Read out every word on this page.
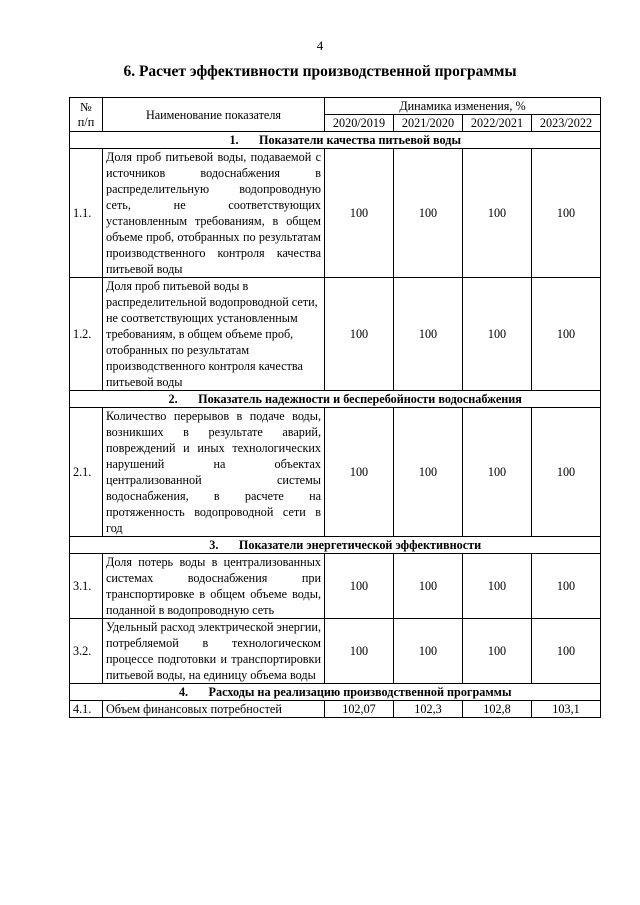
4
6. Расчет эффективности производственной программы
№
п/п	Наименование показателя	Динамика изменения, %			
		2020/2019	2021/2020	2022/2021	2023/2022
1. Показатели качества питьевой воды					
1.1.	Доля проб питьевой воды, подаваемой с источников водоснабжения в распределительную водопроводную сеть, не соответствующих установленным требованиям, в общем объеме проб, отобранных по результатам производственного контроля качества питьевой воды	100	100	100	100
1.2.	Доля проб питьевой воды в распределительной водопроводной сети, не соответствующих установленным требованиям, в общем объеме проб, отобранных по результатам производственного контроля качества питьевой воды	100	100	100	100
2. Показатель надежности и бесперебойности водоснабжения					
2.1.	Количество перерывов в подаче воды, возникших в результате аварий, повреждений и иных технологических нарушений на объектах централизованной системы водоснабжения, в расчете на протяженность водопроводной сети в год	100	100	100	100
3. Показатели энергетической эффективности					
3.1.	Доля потерь воды в централизованных системах водоснабжения при транспортировке в общем объеме воды, поданной в водопроводную сеть	100	100	100	100
3.2.	Удельный расход электрической энергии, потребляемой в технологическом процессе подготовки и транспортировки питьевой воды, на единицу объема воды	100	100	100	100
4. Расходы на реализацию производственной программы					
4.1.	Объем финансовых потребностей	102,07	102,3	102,8	103,1
